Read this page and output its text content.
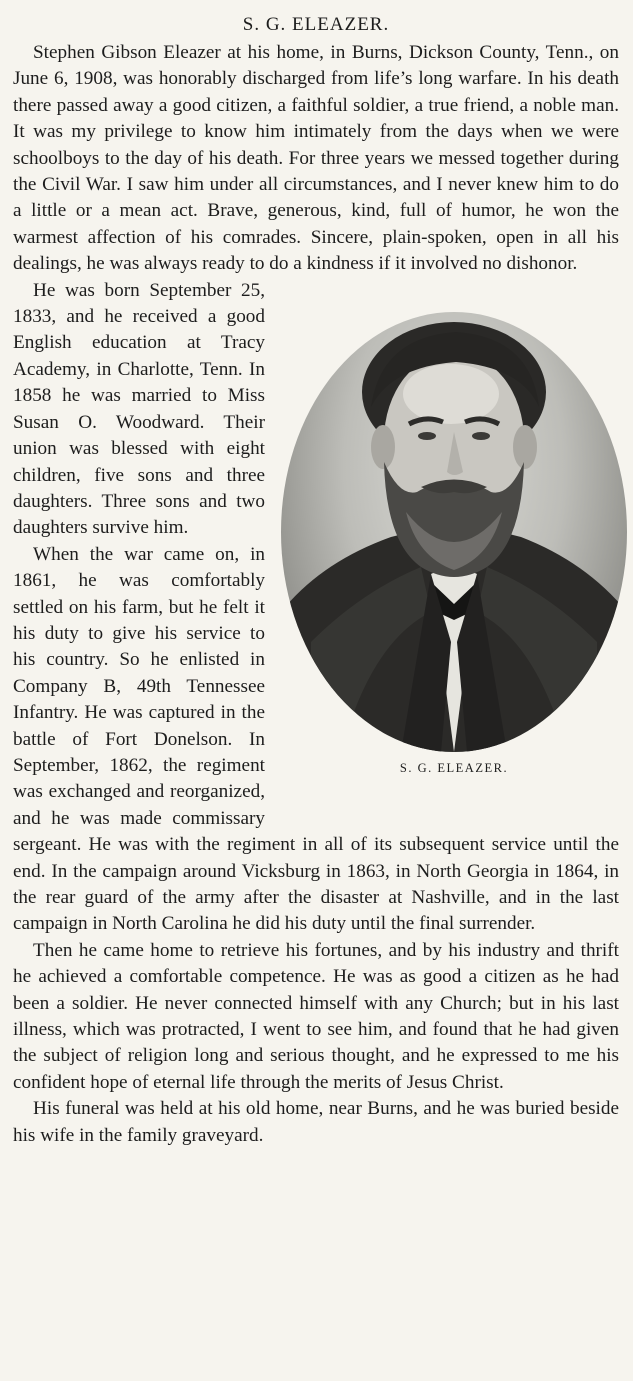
S. G. ELEAZER.

Stephen Gibson Eleazer at his home, in Burns, Dickson County, Tenn., on June 6, 1908, was honorably discharged from life’s long warfare. In his death there passed away a good citizen, a faithful soldier, a true friend, a noble man. It was my privilege to know him intimately from the days when we were schoolboys to the day of his death. For three years we messed together during the Civil War. I saw him under all circumstances, and I never knew him to do a little or a mean act. Brave, generous, kind, full of humor, he won the warmest affection of his comrades. Sincere, plain-spoken, open in all his dealings, he was always ready to do a kindness if it involved no dishonor.

S. G. ELEAZER.

He was born September 25, 1833, and he received a good English education at Tracy Academy, in Charlotte, Tenn. In 1858 he was married to Miss Susan O. Woodward. Their union was blessed with eight children, five sons and three daughters. Three sons and two daughters survive him.

When the war came on, in 1861, he was comfortably settled on his farm, but he felt it his duty to give his service to his country. So he enlisted in Company B, 49th Tennessee Infantry. He was captured in the battle of Fort Donelson. In September, 1862, the regiment was exchanged and reorganized, and he was made commissary sergeant. He was with the regiment in all of its subsequent service until the end. In the campaign around Vicksburg in 1863, in North Georgia in 1864, in the rear guard of the army after the disaster at Nashville, and in the last campaign in North Carolina he did his duty until the final surrender.

Then he came home to retrieve his fortunes, and by his industry and thrift he achieved a comfortable competence. He was as good a citizen as he had been a soldier. He never connected himself with any Church; but in his last illness, which was protracted, I went to see him, and found that he had given the subject of religion long and serious thought, and he expressed to me his confident hope of eternal life through the merits of Jesus Christ.

His funeral was held at his old home, near Burns, and he was buried beside his wife in the family graveyard.
